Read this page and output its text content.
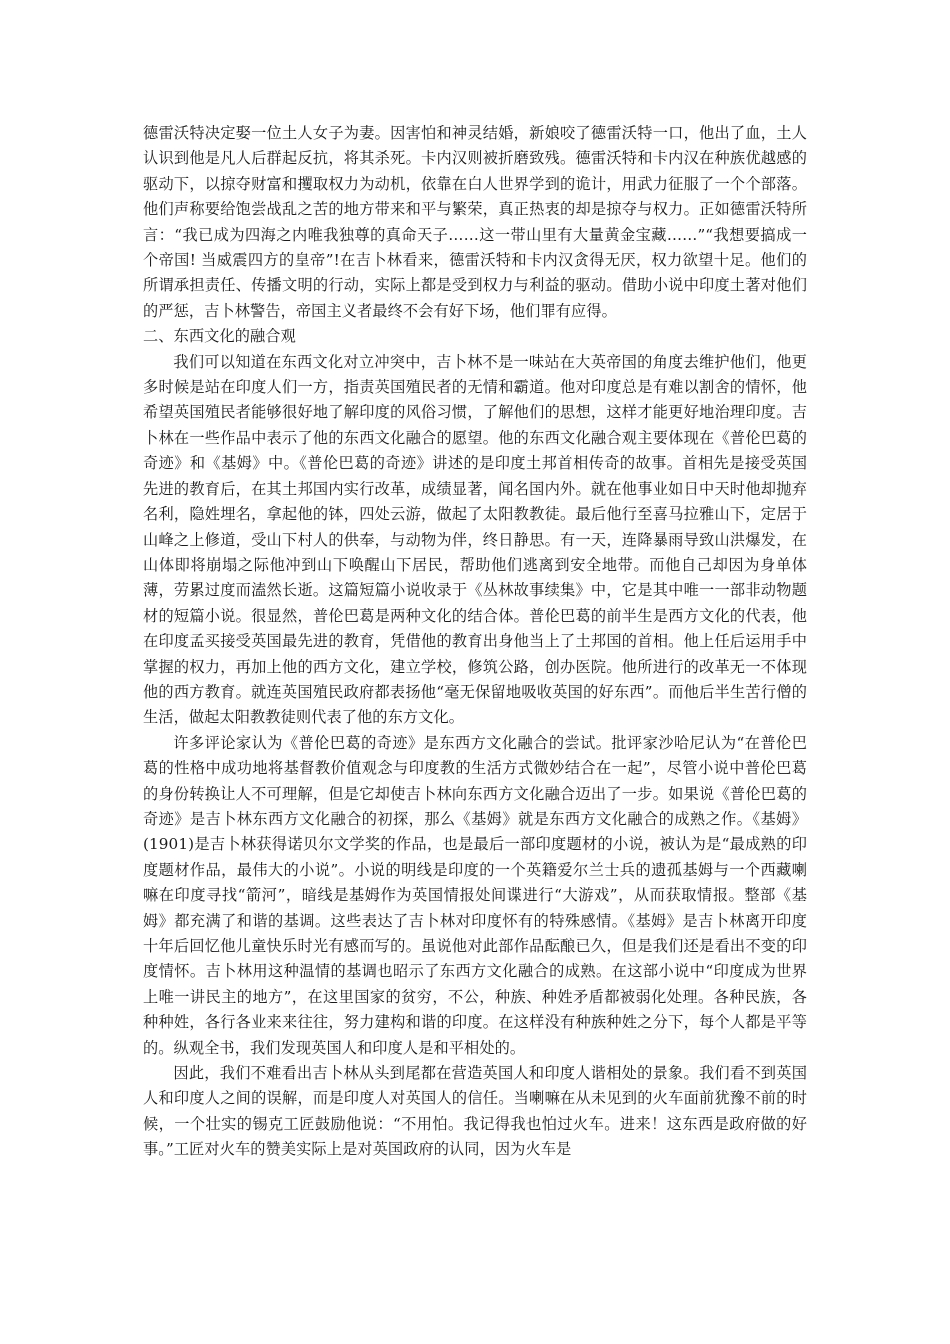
德雷沃特决定娶一位土人女子为妻。因害怕和神灵结婚，新娘咬了德雷沃特一口，他出了血，土人认识到他是凡人后群起反抗，将其杀死。卡内汉则被折磨致残。德雷沃特和卡内汉在种族优越感的驱动下，以掠夺财富和攫取权力为动机，依靠在白人世界学到的诡计，用武力征服了一个个部落。他们声称要给饱尝战乱之苦的地方带来和平与繁荣，真正热衷的却是掠夺与权力。正如德雷沃特所言：“我已成为四海之内唯我独尊的真命天子……这一带山里有大量黄金宝藏……”“我想要搞成一个帝国! 当威震四方的皇帝”!在吉卜林看来，德雷沃特和卡内汉贪得无厌，权力欲望十足。他们的所谓承担责任、传播文明的行动，实际上都是受到权力与利益的驱动。借助小说中印度土著对他们的严惩，吉卜林警告，帝国主义者最终不会有好下场，他们罪有应得。

二、东西文化的融合观

我们可以知道在东西文化对立冲突中，吉卜林不是一味站在大英帝国的角度去维护他们，他更多时候是站在印度人们一方，指责英国殖民者的无情和霸道。他对印度总是有难以割舍的情怀，他希望英国殖民者能够很好地了解印度的风俗习惯，了解他们的思想，这样才能更好地治理印度。吉卜林在一些作品中表示了他的东西文化融合的愿望。他的东西文化融合观主要体现在《普伦巴葛的奇迹》和《基姆》中。《普伦巴葛的奇迹》讲述的是印度土邦首相传奇的故事。首相先是接受英国先进的教育后，在其土邦国内实行改革，成绩显著，闻名国内外。就在他事业如日中天时他却抛弃名利，隐姓埋名，拿起他的钵，四处云游，做起了太阳教教徒。最后他行至喜马拉雅山下，定居于山峰之上修道，受山下村人的供奉，与动物为伴，终日静思。有一天，连降暴雨导致山洪爆发，在山体即将崩塌之际他冲到山下唤醒山下居民，帮助他们逃离到安全地带。而他自己却因为身单体薄，劳累过度而溘然长逝。这篇短篇小说收录于《丛林故事续集》中，它是其中唯一一部非动物题材的短篇小说。很显然，普伦巴葛是两种文化的结合体。普伦巴葛的前半生是西方文化的代表，他在印度孟买接受英国最先进的教育，凭借他的教育出身他当上了土邦国的首相。他上任后运用手中掌握的权力，再加上他的西方文化，建立学校，修筑公路，创办医院。他所进行的改革无一不体现他的西方教育。就连英国殖民政府都表扬他“毫无保留地吸收英国的好东西”。而他后半生苦行僧的生活，做起太阳教教徒则代表了他的东方文化。

许多评论家认为《普伦巴葛的奇迹》是东西方文化融合的尝试。批评家沙哈尼认为“在普伦巴葛的性格中成功地将基督教价值观念与印度教的生活方式微妙结合在一起”，尽管小说中普伦巴葛的身份转换让人不可理解，但是它却使吉卜林向东西方文化融合迈出了一步。如果说《普伦巴葛的奇迹》是吉卜林东西方文化融合的初探，那么《基姆》就是东西方文化融合的成熟之作。《基姆》(1901)是吉卜林获得诺贝尔文学奖的作品，也是最后一部印度题材的小说，被认为是“最成熟的印度题材作品，最伟大的小说”。小说的明线是印度的一个英籍爱尔兰士兵的遗孤基姆与一个西藏喇嘛在印度寻找“箭河”，暗线是基姆作为英国情报处间谍进行“大游戏”，从而获取情报。整部《基姆》都充满了和谐的基调。这些表达了吉卜林对印度怀有的特殊感情。《基姆》是吉卜林离开印度十年后回忆他儿童快乐时光有感而写的。虽说他对此部作品酝酿已久，但是我们还是看出不变的印度情怀。吉卜林用这种温情的基调也昭示了东西方文化融合的成熟。在这部小说中“印度成为世界上唯一讲民主的地方”，在这里国家的贫穷，不公，种族、种姓矛盾都被弱化处理。各种民族，各种种姓，各行各业来来往往，努力建构和谐的印度。在这样没有种族种姓之分下，每个人都是平等的。纵观全书，我们发现英国人和印度人是和平相处的。

因此，我们不难看出吉卜林从头到尾都在营造英国人和印度人谐相处的景象。我们看不到英国人和印度人之间的误解，而是印度人对英国人的信任。当喇嘛在从未见到的火车面前犹豫不前的时候，一个壮实的锡克工匠鼓励他说：“不用怕。我记得我也怕过火车。进来！这东西是政府做的好事。”工匠对火车的赞美实际上是对英国政府的认同，因为火车是
